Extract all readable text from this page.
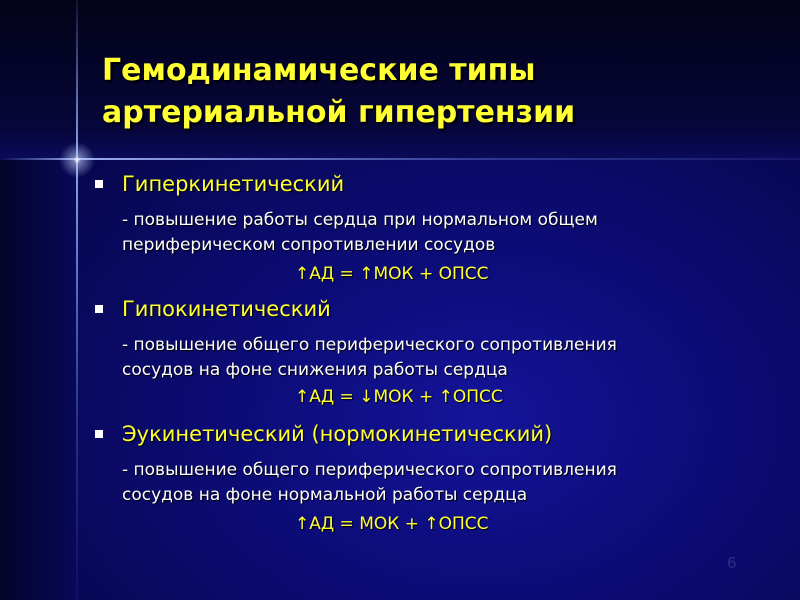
Гемодинамические типы
артериальной гипертензии
Гиперкинетический
- повышение работы сердца при нормальном общем
периферическом сопротивлении сосудов
↑АД = ↑МОК + ОПСС
Гипокинетический
- повышение общего периферического сопротивления
сосудов на фоне снижения работы сердца
↑АД = ↓МОК + ↑ОПСС
Эукинетический (нормокинетический)
- повышение общего периферического сопротивления
сосудов на фоне нормальной работы сердца
↑АД = МОК + ↑ОПСС
6
